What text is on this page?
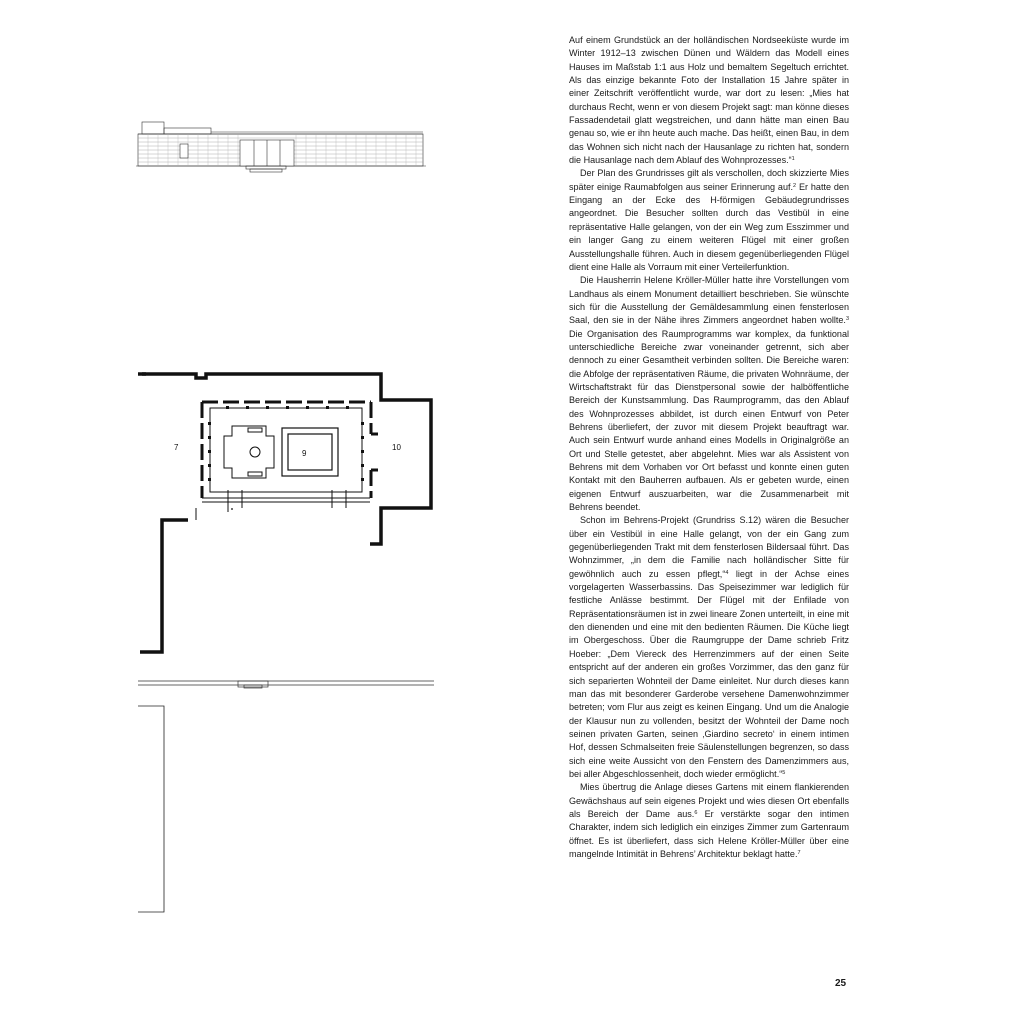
7
9
10

Auf einem Grundstück an der holländischen Nordseeküste wurde im Winter 1912–13 zwischen Dünen und Wäldern das Modell eines Hauses im Maßstab 1:1 aus Holz und bemaltem Segeltuch errichtet. Als das einzige bekannte Foto der Installation 15 Jahre später in einer Zeitschrift veröffentlicht wurde, war dort zu lesen: „Mies hat durchaus Recht, wenn er von diesem Projekt sagt: man könne dieses Fassadendetail glatt wegstreichen, und dann hätte man einen Bau genau so, wie er ihn heute auch mache. Das heißt, einen Bau, in dem das Wohnen sich nicht nach der Hausanlage zu richten hat, sondern die Hausanlage nach dem Ablauf des Wohnprozesses.“$^1$

Der Plan des Grundrisses gilt als verschollen, doch skizzierte Mies später einige Raumabfolgen aus seiner Erinnerung auf.$^2$ Er hatte den Eingang an der Ecke des H-förmigen Gebäudegrundrisses angeordnet. Die Besucher sollten durch das Vestibül in eine repräsentative Halle gelangen, von der ein Weg zum Esszimmer und ein langer Gang zu einem weiteren Flügel mit einer großen Ausstellungshalle führen. Auch in diesem gegenüberliegenden Flügel dient eine Halle als Vorraum mit einer Verteilerfunktion.

Die Hausherrin Helene Kröller-Müller hatte ihre Vorstellungen vom Landhaus als einem Monument detailliert beschrieben. Sie wünschte sich für die Ausstellung der Gemäldesammlung einen fensterlosen Saal, den sie in der Nähe ihres Zimmers angeordnet haben wollte.$^3$ Die Organisation des Raumprogramms war komplex, da funktional unterschiedliche Bereiche zwar voneinander getrennt, sich aber dennoch zu einer Gesamtheit verbinden sollten. Die Bereiche waren: die Abfolge der repräsentativen Räume, die privaten Wohnräume, der Wirtschaftstrakt für das Dienstpersonal sowie der halböffentliche Bereich der Kunstsammlung. Das Raumprogramm, das den Ablauf des Wohnprozesses abbildet, ist durch einen Entwurf von Peter Behrens überliefert, der zuvor mit diesem Projekt beauftragt war. Auch sein Entwurf wurde anhand eines Modells in Originalgröße an Ort und Stelle getestet, aber abgelehnt. Mies war als Assistent von Behrens mit dem Vorhaben vor Ort befasst und konnte einen guten Kontakt mit den Bauherren aufbauen. Als er gebeten wurde, einen eigenen Entwurf auszuarbeiten, war die Zusammenarbeit mit Behrens beendet.

Schon im Behrens-Projekt (Grundriss S.12) wären die Besucher über ein Vestibül in eine Halle gelangt, von der ein Gang zum gegenüberliegenden Trakt mit dem fensterlosen Bildersaal führt. Das Wohnzimmer, „in dem die Familie nach holländischer Sitte für gewöhnlich auch zu essen pflegt,“$^4$ liegt in der Achse eines vorgelagerten Wasserbassins. Das Speisezimmer war lediglich für festliche Anlässe bestimmt. Der Flügel mit der Enfilade von Repräsentationsräumen ist in zwei lineare Zonen unterteilt, in eine mit den dienenden und eine mit den bedienten Räumen. Die Küche liegt im Obergeschoss. Über die Raumgruppe der Dame schrieb Fritz Hoeber: „Dem Viereck des Herrenzimmers auf der einen Seite entspricht auf der anderen ein großes Vorzimmer, das den ganz für sich separierten Wohnteil der Dame einleitet. Nur durch dieses kann man das mit besonderer Garderobe versehene Damenwohnzimmer betreten; vom Flur aus zeigt es keinen Eingang. Und um die Analogie der Klausur nun zu vollenden, besitzt der Wohnteil der Dame noch seinen privaten Garten, seinen ‚Giardino secreto‘ in einem intimen Hof, dessen Schmalseiten freie Säulenstellungen begrenzen, so dass sich eine weite Aussicht von den Fenstern des Damenzimmers aus, bei aller Abgeschlossenheit, doch wieder ermöglicht.“$^5$

Mies übertrug die Anlage dieses Gartens mit einem flankierenden Gewächshaus auf sein eigenes Projekt und wies diesen Ort ebenfalls als Bereich der Dame aus.$^6$ Er verstärkte sogar den intimen Charakter, indem sich lediglich ein einziges Zimmer zum Gartenraum öffnet. Es ist überliefert, dass sich Helene Kröller-Müller über eine mangelnde Intimität in Behrens’ Architektur beklagt hatte.$^7$

25
